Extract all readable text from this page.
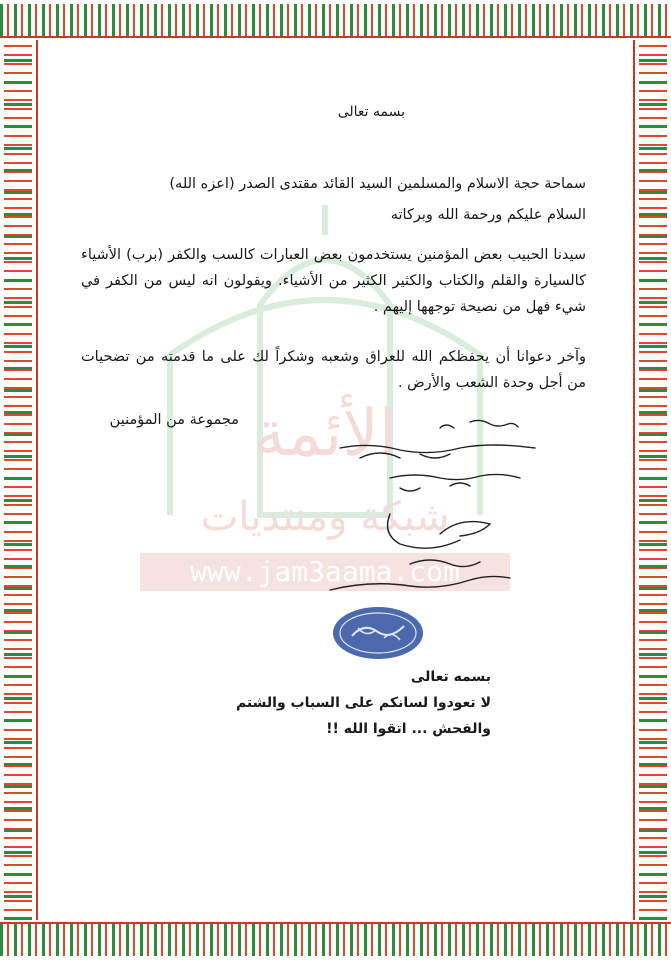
الأئمة
شبكة ومنتديات
www.jam3aama.com
بسمه تعالى
سماحة حجة الاسلام والمسلمين السيد القائد مقتدى الصدر (اعزه الله)
السلام عليكم ورحمة الله وبركاته
سيدنا الحبيب بعض المؤمنين يستخدمون بعض العبارات كالسب والكفر (برب) الأشياء كالسيارة والقلم والكتاب والكثير الكثير من الأشياء. ويقولون انه ليس من الكفر في شيء فهل من نصيحة توجهها إليهم .
وآخر دعوانا أن يحفظكم الله للعراق وشعبه وشكراً لك على ما قدمته من تضحيات من أجل وحدة الشعب والأرض .
مجموعة من المؤمنين
بسمه تعالى
لا تعودوا لسانكم على السباب والشتم
والفحش ... اتقوا الله !!
